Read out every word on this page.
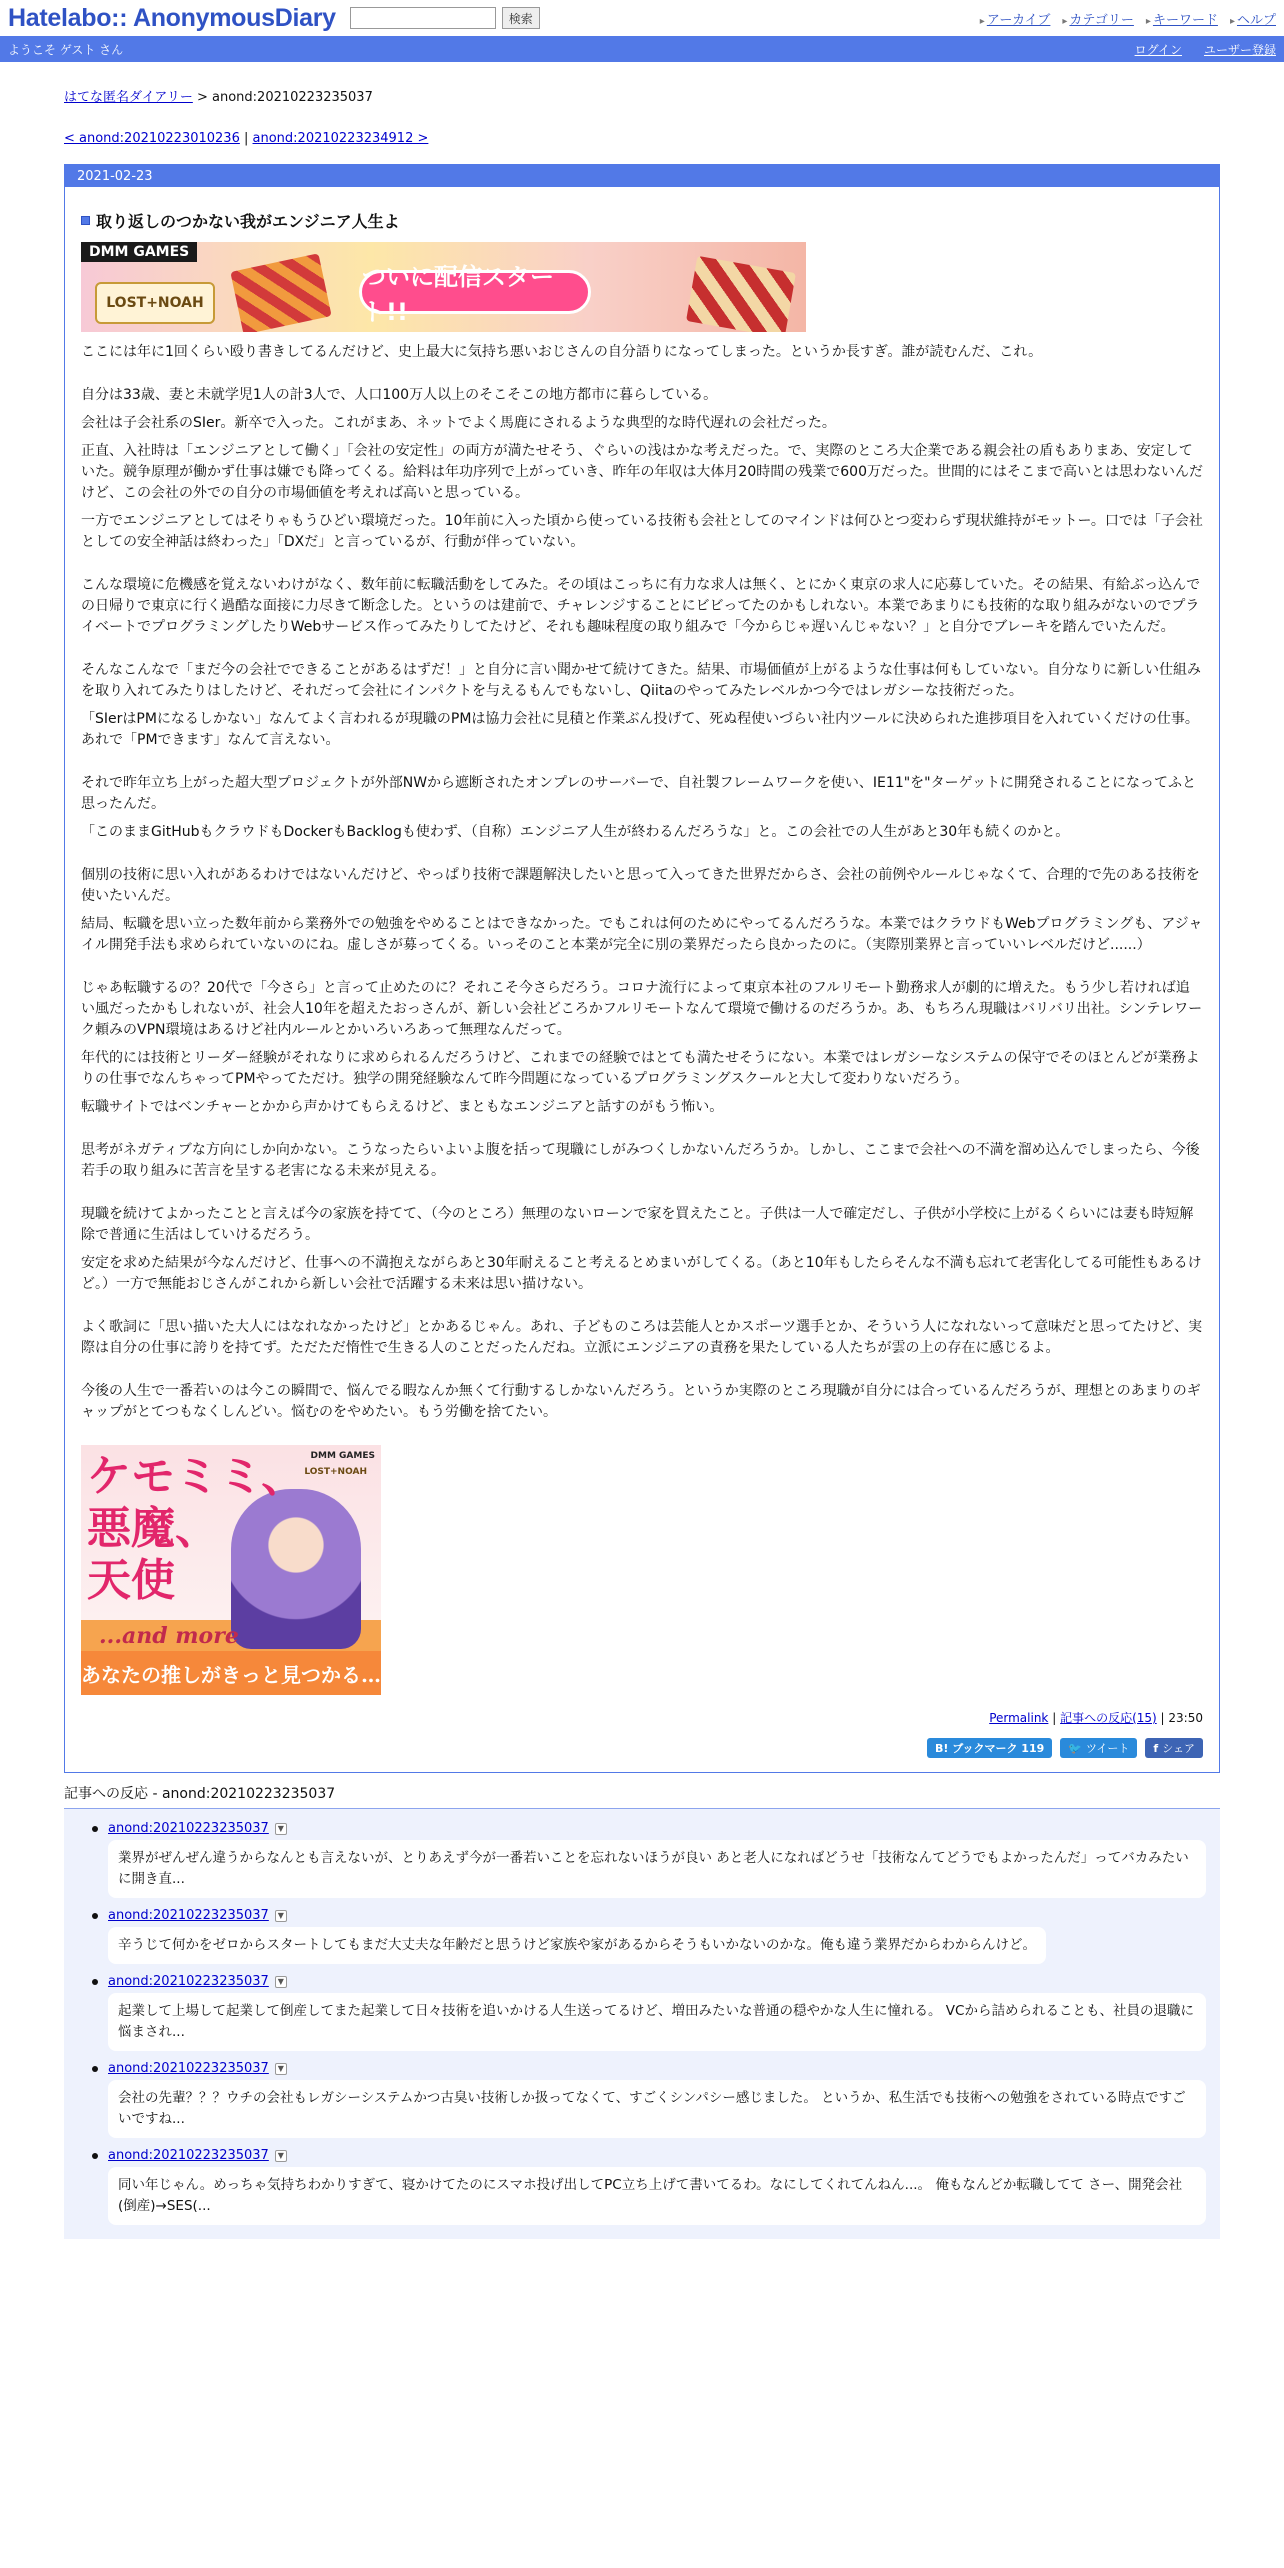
Hatelabo:: AnonymousDiary	検索	▸ アーカイブ ▸ カテゴリー ▸ キーワード ▸ ヘルプ
ようこそ ゲスト さん	ログイン ユーザー登録
はてな匿名ダイアリー > anond:20210223235037
< anond:20210223010236 | anond:20210223234912 >
2021-02-23
取り返しのつかない我がエンジニア人生よ
DMM GAMES
LOST+NOAH
ついに配信スタート!!

ここには年に1回くらい殴り書きしてるんだけど、史上最大に気持ち悪いおじさんの自分語りになってしまった。というか長すぎ。誰が読むんだ、これ。

自分は33歳、妻と未就学児1人の計3人で、人口100万人以上のそこそこの地方都市に暮らしている。

会社は子会社系のSIer。新卒で入った。これがまあ、ネットでよく馬鹿にされるような典型的な時代遅れの会社だった。

正直、入社時は「エンジニアとして働く」「会社の安定性」の両方が満たせそう、ぐらいの浅はかな考えだった。で、実際のところ大企業である親会社の盾もありまあ、安定していた。競争原理が働かず仕事は嫌でも降ってくる。給料は年功序列で上がっていき、昨年の年収は大体月20時間の残業で600万だった。世間的にはそこまで高いとは思わないんだけど、この会社の外での自分の市場価値を考えれば高いと思っている。

一方でエンジニアとしてはそりゃもうひどい環境だった。10年前に入った頃から使っている技術も会社としてのマインドは何ひとつ変わらず現状維持がモットー。口では「子会社としての安全神話は終わった」「DXだ」と言っているが、行動が伴っていない。

こんな環境に危機感を覚えないわけがなく、数年前に転職活動をしてみた。その頃はこっちに有力な求人は無く、とにかく東京の求人に応募していた。その結果、有給ぶっ込んでの日帰りで東京に行く過酷な面接に力尽きて断念した。というのは建前で、チャレンジすることにビビってたのかもしれない。本業であまりにも技術的な取り組みがないのでプライベートでプログラミングしたりWebサービス作ってみたりしてたけど、それも趣味程度の取り組みで「今からじゃ遅いんじゃない？」と自分でブレーキを踏んでいたんだ。

そんなこんなで「まだ今の会社でできることがあるはずだ！」と自分に言い聞かせて続けてきた。結果、市場価値が上がるような仕事は何もしていない。自分なりに新しい仕組みを取り入れてみたりはしたけど、それだって会社にインパクトを与えるもんでもないし、Qiitaのやってみたレベルかつ今ではレガシーな技術だった。

「SIerはPMになるしかない」なんてよく言われるが現職のPMは協力会社に見積と作業ぶん投げて、死ぬ程使いづらい社内ツールに決められた進捗項目を入れていくだけの仕事。あれで「PMできます」なんて言えない。

それで昨年立ち上がった超大型プロジェクトが外部NWから遮断されたオンプレのサーバーで、自社製フレームワークを使い、IE11"を"ターゲットに開発されることになってふと思ったんだ。

「このままGitHubもクラウドもDockerもBacklogも使わず、（自称）エンジニア人生が終わるんだろうな」と。この会社での人生があと30年も続くのかと。

個別の技術に思い入れがあるわけではないんだけど、やっぱり技術で課題解決したいと思って入ってきた世界だからさ、会社の前例やルールじゃなくて、合理的で先のある技術を使いたいんだ。

結局、転職を思い立った数年前から業務外での勉強をやめることはできなかった。でもこれは何のためにやってるんだろうな。本業ではクラウドもWebプログラミングも、アジャイル開発手法も求められていないのにね。虚しさが募ってくる。いっそのこと本業が完全に別の業界だったら良かったのに。（実際別業界と言っていいレベルだけど......）

じゃあ転職するの？20代で「今さら」と言って止めたのに？それこそ今さらだろう。コロナ流行によって東京本社のフルリモート勤務求人が劇的に増えた。もう少し若ければ追い風だったかもしれないが、社会人10年を超えたおっさんが、新しい会社どころかフルリモートなんて環境で働けるのだろうか。あ、もちろん現職はバリバリ出社。シンテレワーク頼みのVPN環境はあるけど社内ルールとかいろいろあって無理なんだって。

年代的には技術とリーダー経験がそれなりに求められるんだろうけど、これまでの経験ではとても満たせそうにない。本業ではレガシーなシステムの保守でそのほとんどが業務よりの仕事でなんちゃってPMやってただけ。独学の開発経験なんて昨今問題になっているプログラミングスクールと大して変わりないだろう。

転職サイトではベンチャーとかから声かけてもらえるけど、まともなエンジニアと話すのがもう怖い。

思考がネガティブな方向にしか向かない。こうなったらいよいよ腹を括って現職にしがみつくしかないんだろうか。しかし、ここまで会社への不満を溜め込んでしまったら、今後若手の取り組みに苦言を呈する老害になる未来が見える。

現職を続けてよかったことと言えば今の家族を持てて、（今のところ）無理のないローンで家を買えたこと。子供は一人で確定だし、子供が小学校に上がるくらいには妻も時短解除で普通に生活はしていけるだろう。

安定を求めた結果が今なんだけど、仕事への不満抱えながらあと30年耐えること考えるとめまいがしてくる。（あと10年もしたらそんな不満も忘れて老害化してる可能性もあるけど。）一方で無能おじさんがこれから新しい会社で活躍する未来は思い描けない。

よく歌詞に「思い描いた大人にはなれなかったけど」とかあるじゃん。あれ、子どものころは芸能人とかスポーツ選手とか、そういう人になれないって意味だと思ってたけど、実際は自分の仕事に誇りを持てず。ただただ惰性で生きる人のことだったんだね。立派にエンジニアの責務を果たしている人たちが雲の上の存在に感じるよ。

今後の人生で一番若いのは今この瞬間で、悩んでる暇なんか無くて行動するしかないんだろう。というか実際のところ現職が自分には合っているんだろうが、理想とのあまりのギャップがとてつもなくしんどい。悩むのをやめたい。もう労働を捨てたい。

DMM GAMES
ケモミミ、
悪魔、
天使
...and more
あなたの推しがきっと見つかる…
LOST+NOAH
Permalink | 記事への反応(15) | 23:50
B! ブックマーク 119	🐦 ツイート f シェア
記事への反応 - anond:20210223235037
anond:20210223235037	▼
業界がぜんぜん違うからなんとも言えないが、とりあえず今が一番若いことを忘れないほうが良い あと老人になればどうせ「技術なんてどうでもよかったんだ」ってバカみたいに開き直...
anond:20210223235037	▼
辛うじて何かをゼロからスタートしてもまだ大丈夫な年齢だと思うけど家族や家があるからそうもいかないのかな。俺も違う業界だからわからんけど。
anond:20210223235037	▼
起業して上場して起業して倒産してまた起業して日々技術を追いかける人生送ってるけど、増田みたいな普通の穏やかな人生に憧れる。 VCから詰められることも、社員の退職に悩まされ...
anond:20210223235037	▼
会社の先輩？？？ウチの会社もレガシーシステムかつ古臭い技術しか扱ってなくて、すごくシンパシー感じました。 というか、私生活でも技術への勉強をされている時点ですごいですね...
anond:20210223235037	▼
同い年じゃん。めっちゃ気持ちわかりすぎて、寝かけてたのにスマホ投げ出してPC立ち上げて書いてるわ。なにしてくれてんねん...。 俺もなんどか転職してて さー、開発会社(倒産)→SES(...
